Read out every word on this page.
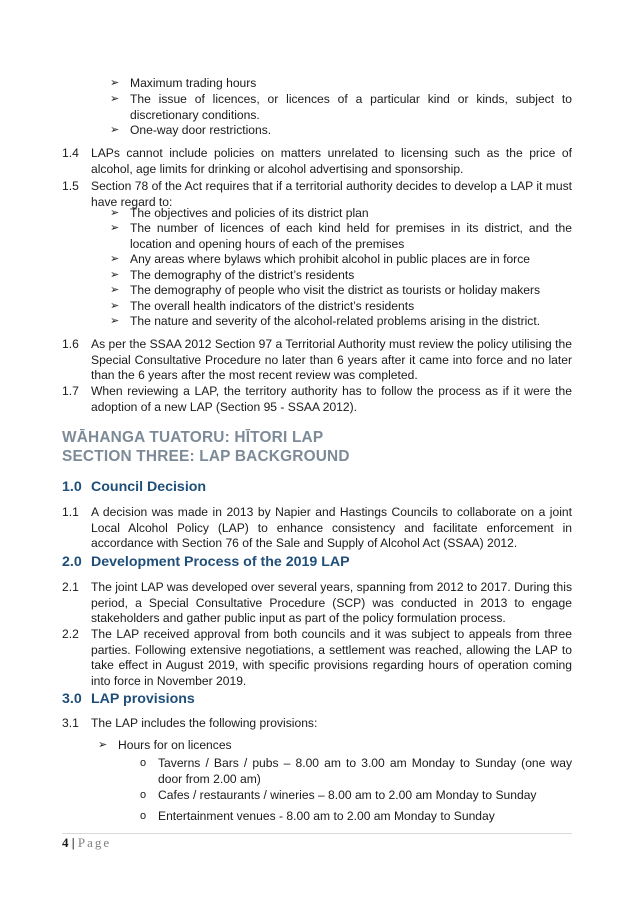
➢ Maximum trading hours
➢ The issue of licences, or licences of a particular kind or kinds, subject to discretionary conditions.
➢ One-way door restrictions.
1.4 LAPs cannot include policies on matters unrelated to licensing such as the price of alcohol, age limits for drinking or alcohol advertising and sponsorship.
1.5 Section 78 of the Act requires that if a territorial authority decides to develop a LAP it must have regard to:
➢ The objectives and policies of its district plan
➢ The number of licences of each kind held for premises in its district, and the location and opening hours of each of the premises
➢ Any areas where bylaws which prohibit alcohol in public places are in force
➢ The demography of the district’s residents
➢ The demography of people who visit the district as tourists or holiday makers
➢ The overall health indicators of the district’s residents
➢ The nature and severity of the alcohol-related problems arising in the district.
1.6 As per the SSAA 2012 Section 97 a Territorial Authority must review the policy utilising the Special Consultative Procedure no later than 6 years after it came into force and no later than the 6 years after the most recent review was completed.
1.7 When reviewing a LAP, the territory authority has to follow the process as if it were the adoption of a new LAP (Section 95 - SSAA 2012).
WĀHANGA TUATORU: HĪTORI LAP
SECTION THREE: LAP BACKGROUND
1.0 Council Decision
1.1 A decision was made in 2013 by Napier and Hastings Councils to collaborate on a joint Local Alcohol Policy (LAP) to enhance consistency and facilitate enforcement in accordance with Section 76 of the Sale and Supply of Alcohol Act (SSAA) 2012.
2.0 Development Process of the 2019 LAP
2.1 The joint LAP was developed over several years, spanning from 2012 to 2017. During this period, a Special Consultative Procedure (SCP) was conducted in 2013 to engage stakeholders and gather public input as part of the policy formulation process.
2.2 The LAP received approval from both councils and it was subject to appeals from three parties. Following extensive negotiations, a settlement was reached, allowing the LAP to take effect in August 2019, with specific provisions regarding hours of operation coming into force in November 2019.
3.0 LAP provisions
3.1 The LAP includes the following provisions:
➢ Hours for on licences
o Taverns / Bars / pubs – 8.00 am to 3.00 am Monday to Sunday (one way door from 2.00 am)
o Cafes / restaurants / wineries – 8.00 am to 2.00 am Monday to Sunday
o Entertainment venues - 8.00 am to 2.00 am Monday to Sunday
4 | Page
